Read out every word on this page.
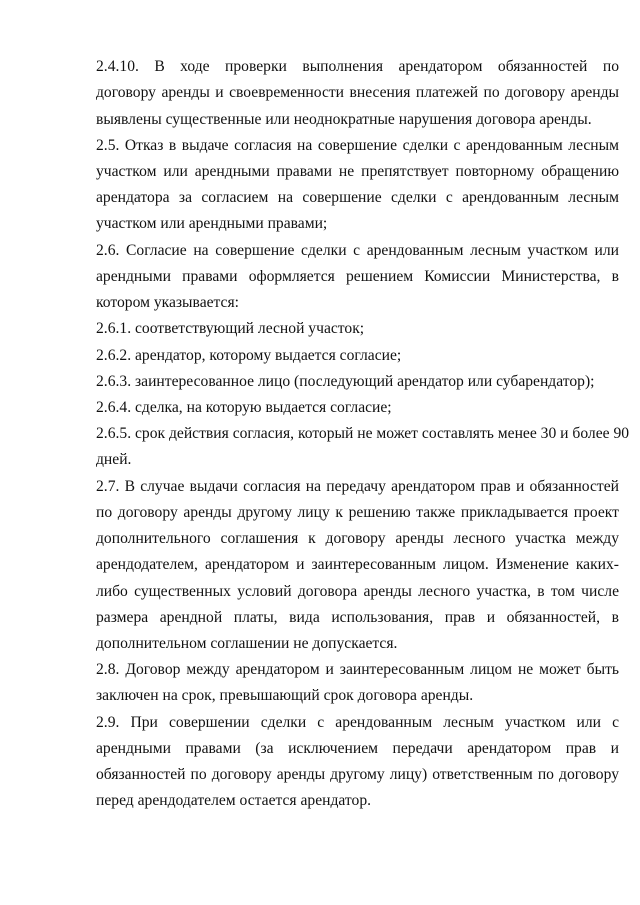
2.4.10. В ходе проверки выполнения арендатором обязанностей по
договору аренды и своевременности внесения платежей по договору аренды
выявлены существенные или неоднократные нарушения договора аренды.
2.5. Отказ в выдаче согласия на совершение сделки с арендованным лесным
участком или арендными правами не препятствует повторному обращению
арендатора за согласием на совершение сделки с арендованным лесным
участком или арендными правами;
2.6. Согласие на совершение сделки с арендованным лесным участком или
арендными правами оформляется решением Комиссии Министерства, в
котором указывается:
2.6.1. соответствующий лесной участок;
2.6.2. арендатор, которому выдается согласие;
2.6.3. заинтересованное лицо (последующий арендатор или субарендатор);
2.6.4. сделка, на которую выдается согласие;
2.6.5. срок действия согласия, который не может составлять менее 30 и более 90
дней.
2.7. В случае выдачи согласия на передачу арендатором прав и обязанностей
по договору аренды другому лицу к решению также прикладывается проект
дополнительного соглашения к договору аренды лесного участка между
арендодателем, арендатором и заинтересованным лицом. Изменение каких-
либо существенных условий договора аренды лесного участка, в том числе
размера арендной платы, вида использования, прав и обязанностей, в
дополнительном соглашении не допускается.
2.8. Договор между арендатором и заинтересованным лицом не может быть
заключен на срок, превышающий срок договора аренды.
2.9. При совершении сделки с арендованным лесным участком или с
арендными правами (за исключением передачи арендатором прав и
обязанностей по договору аренды другому лицу) ответственным по договору
перед арендодателем остается арендатор.
